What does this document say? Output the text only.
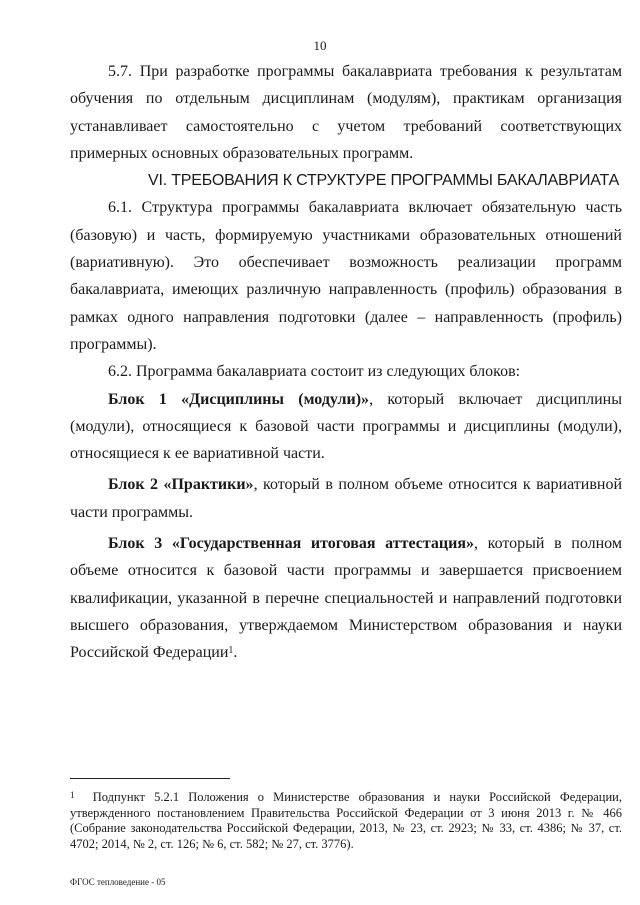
10

5.7. При разработке программы бакалавриата требования к результатам обучения по отдельным дисциплинам (модулям), практикам организация устанавливает самостоятельно с учетом требований соответствующих примерных основных образовательных программ.

VI. ТРЕБОВАНИЯ К СТРУКТУРЕ ПРОГРАММЫ БАКАЛАВРИАТА

6.1. Структура программы бакалавриата включает обязательную часть (базовую) и часть, формируемую участниками образовательных отношений (вариативную). Это обеспечивает возможность реализации программ бакалавриата, имеющих различную направленность (профиль) образования в рамках одного направления подготовки (далее – направленность (профиль) программы).

6.2. Программа бакалавриата состоит из следующих блоков:

Блок 1 «Дисциплины (модули)», который включает дисциплины (модули), относящиеся к базовой части программы и дисциплины (модули), относящиеся к ее вариативной части.

Блок 2 «Практики», который в полном объеме относится к вариативной части программы.

Блок 3 «Государственная итоговая аттестация», который в полном объеме относится к базовой части программы и завершается присвоением квалификации, указанной в перечне специальностей и направлений подготовки высшего образования, утверждаемом Министерством образования и науки Российской Федерации$^1$.

$^1$ Подпункт 5.2.1 Положения о Министерстве образования и науки Российской Федерации, утвержденного постановлением Правительства Российской Федерации от 3 июня 2013 г. № 466 (Собрание законодательства Российской Федерации, 2013, № 23, ст. 2923; № 33, ст. 4386; № 37, ст. 4702; 2014, № 2, ст. 126; № 6, ст. 582; № 27, ст. 3776).
ФГОС тепловедение - 05
